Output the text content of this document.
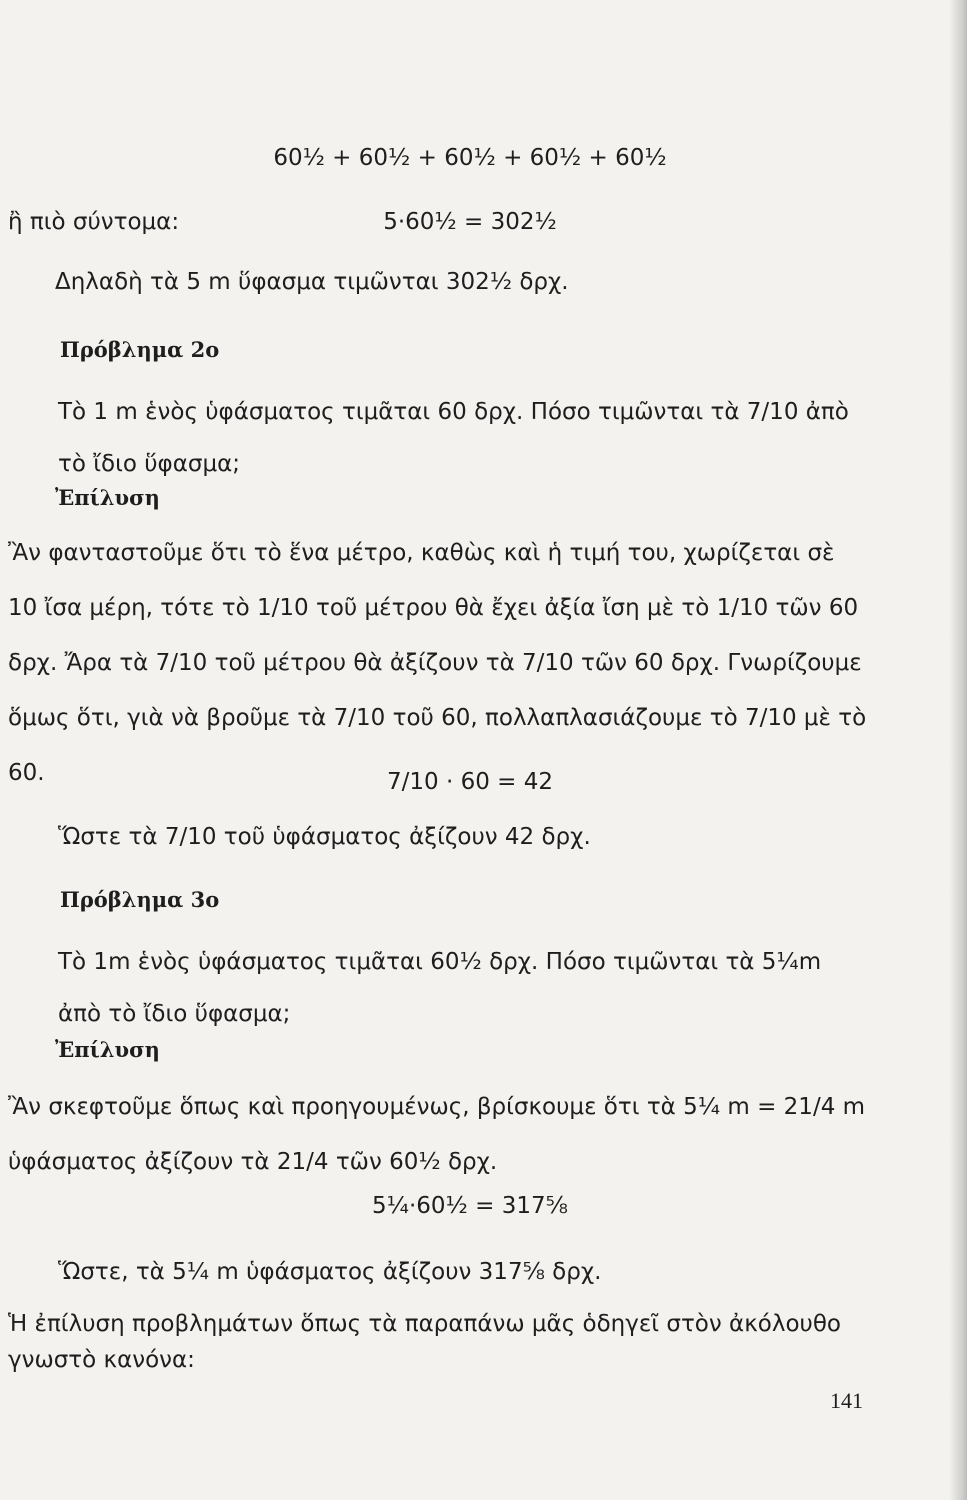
60½ + 60½ + 60½ + 60½ + 60½
ἢ πιὸ σύντομα:	5·60½ = 302½
Δηλαδὴ τὰ 5 m ὕφασμα τιμῶνται 302½ δρχ.
Πρόβλημα 2ο
Τὸ 1 m ἑνὸς ὑφάσματος τιμᾶται 60 δρχ. Πόσο τιμῶνται τὰ 7/10 ἀπὸ τὸ ἴδιο ὕφασμα;
Ἐπίλυση
Ἂν φανταστοῦμε ὅτι τὸ ἕνα μέτρο, καθὼς καὶ ἡ τιμή του, χωρίζεται σὲ 10 ἴσα μέρη, τότε τὸ 1/10 τοῦ μέτρου θὰ ἔχει ἀξία ἴση μὲ τὸ 1/10 τῶν 60 δρχ. Ἄρα τὰ 7/10 τοῦ μέτρου θὰ ἀξίζουν τὰ 7/10 τῶν 60 δρχ. Γνωρίζουμε ὅμως ὅτι, γιὰ νὰ βροῦμε τὰ 7/10 τοῦ 60, πολλαπλασιάζουμε τὸ 7/10 μὲ τὸ 60.	7/10 · 60 = 42
Ὥστε τὰ 7/10 τοῦ ὑφάσματος ἀξίζουν 42 δρχ.
Πρόβλημα 3ο
Τὸ 1m ἑνὸς ὑφάσματος τιμᾶται 60½ δρχ. Πόσο τιμῶνται τὰ 5¼m ἀπὸ τὸ ἴδιο ὕφασμα;
Ἐπίλυση
Ἂν σκεφτοῦμε ὅπως καὶ προηγουμένως, βρίσκουμε ὅτι τὰ 5¼ m = 21/4 m ὑφάσματος ἀξίζουν τὰ 21/4 τῶν 60½ δρχ.
5¼·60½ = 317⅝
Ὥστε, τὰ 5¼ m ὑφάσματος ἀξίζουν 317⅝ δρχ.
Ἡ ἐπίλυση προβλημάτων ὅπως τὰ παραπάνω μᾶς ὁδηγεῖ στὸν ἀκόλουθο γνωστὸ κανόνα:
141
